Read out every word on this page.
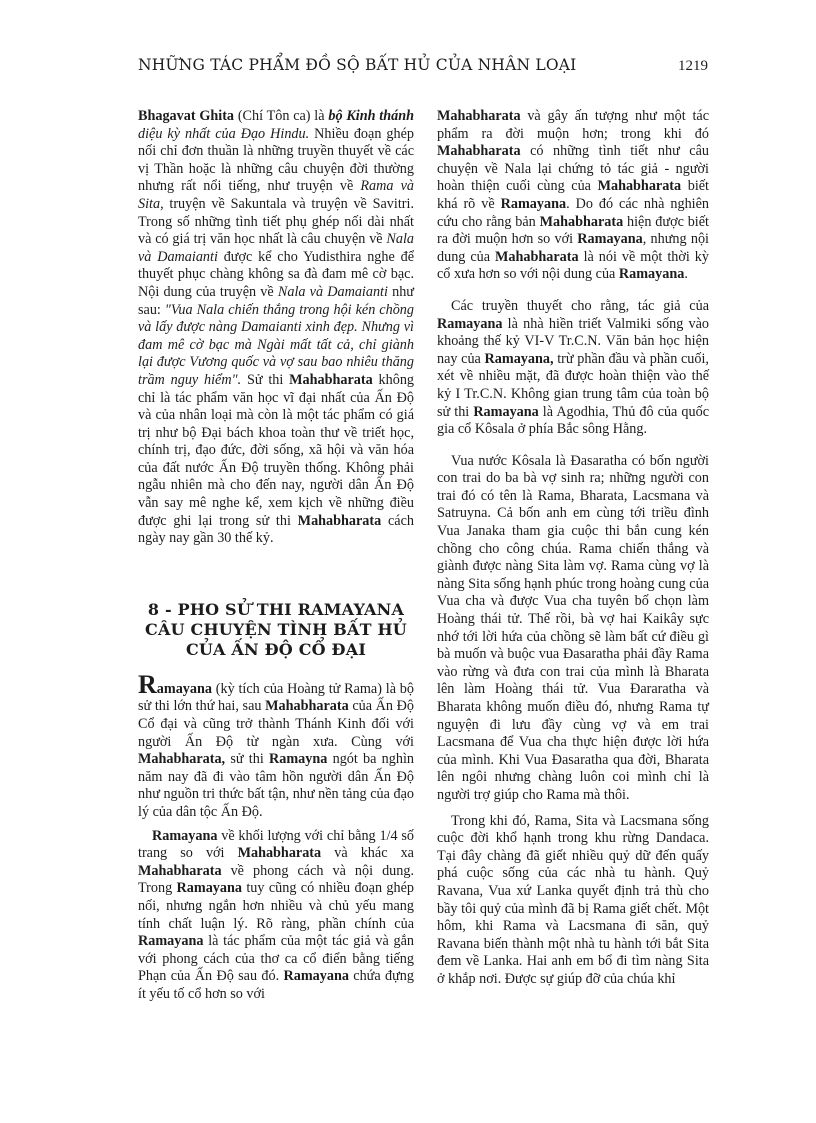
NHỮNG TÁC PHẨM ĐỒ SỘ BẤT HỦ CỦA NHÂN LOẠI	1219

Bhagavat Ghita (Chí Tôn ca) là bộ Kinh thánh diệu kỳ nhất của Đạo Hindu. Nhiều đoạn ghép nối chỉ đơn thuần là những truyền thuyết về các vị Thần hoặc là những câu chuyện đời thường nhưng rất nổi tiếng, như truyện về Rama và Sita, truyện về Sakuntala và truyện về Savitri. Trong số những tình tiết phụ ghép nối dài nhất và có giá trị văn học nhất là câu chuyện về Nala và Damaianti được kể cho Yudisthira nghe để thuyết phục chàng không sa đà đam mê cờ bạc. Nội dung của truyện về Nala và Damaianti như sau: "Vua Nala chiến thắng trong hội kén chồng và lấy được nàng Damaianti xinh đẹp. Nhưng vì đam mê cờ bạc mà Ngài mất tất cả, chỉ giành lại được Vương quốc và vợ sau bao nhiêu thăng trầm nguy hiểm". Sử thi Mahabharata không chỉ là tác phẩm văn học vĩ đại nhất của Ấn Độ và của nhân loại mà còn là một tác phẩm có giá trị như bộ Đại bách khoa toàn thư về triết học, chính trị, đạo đức, đời sống, xã hội và văn hóa của đất nước Ấn Độ truyền thống. Không phải ngẫu nhiên mà cho đến nay, người dân Ấn Độ vẫn say mê nghe kể, xem kịch về những điều được ghi lại trong sử thi Mahabharata cách ngày nay gần 30 thế kỷ.

8 - PHO SỬ THI RAMAYANA
CÂU CHUYỆN TÌNH BẤT HỦ
CỦA ẤN ĐỘ CỔ ĐẠI

Ramayana (kỳ tích của Hoàng tử Rama) là bộ sử thi lớn thứ hai, sau Mahabharata của Ấn Độ Cổ đại và cũng trở thành Thánh Kinh đối với người Ấn Độ từ ngàn xưa. Cùng với Mahabharata, sử thi Ramayna ngót ba nghìn năm nay đã đi vào tâm hồn người dân Ấn Độ như nguồn tri thức bất tận, như nền tảng của đạo lý của dân tộc Ấn Độ.

Ramayana về khối lượng với chỉ bằng 1/4 số trang so với Mahabharata và khác xa Mahabharata về phong cách và nội dung. Trong Ramayana tuy cũng có nhiều đoạn ghép nối, nhưng ngắn hơn nhiều và chủ yếu mang tính chất luận lý. Rõ ràng, phần chính của Ramayana là tác phẩm của một tác giả và gắn với phong cách của thơ ca cổ điển bằng tiếng Phạn của Ấn Độ sau đó. Ramayana chứa đựng ít yếu tố cổ hơn so với

Mahabharata và gây ấn tượng như một tác phẩm ra đời muộn hơn; trong khi đó Mahabharata có những tình tiết như câu chuyện về Nala lại chứng tỏ tác giả - người hoàn thiện cuối cùng của Mahabharata biết khá rõ về Ramayana. Do đó các nhà nghiên cứu cho rằng bản Mahabharata hiện được biết ra đời muộn hơn so với Ramayana, nhưng nội dung của Mahabharata là nói về một thời kỳ cổ xưa hơn so với nội dung của Ramayana.

Các truyền thuyết cho rằng, tác giả của Ramayana là nhà hiền triết Valmiki sống vào khoảng thế kỷ VI-V Tr.C.N. Văn bản học hiện nay của Ramayana, trừ phần đầu và phần cuối, xét về nhiều mặt, đã được hoàn thiện vào thế kỷ I Tr.C.N. Không gian trung tâm của toàn bộ sử thi Ramayana là Agodhia, Thủ đô của quốc gia cổ Kôsala ở phía Bắc sông Hằng.

Vua nước Kôsala là Đasaratha có bốn người con trai do ba bà vợ sinh ra; những người con trai đó có tên là Rama, Bharata, Lacsmana và Satruyna. Cả bốn anh em cùng tới triều đình Vua Janaka tham gia cuộc thi bắn cung kén chồng cho công chúa. Rama chiến thắng và giành được nàng Sita làm vợ. Rama cùng vợ là nàng Sita sống hạnh phúc trong hoàng cung của Vua cha và được Vua cha tuyên bố chọn làm Hoàng thái tử. Thế rồi, bà vợ hai Kaikây sực nhớ tới lời hứa của chồng sẽ làm bất cứ điều gì bà muốn và buộc vua Đasaratha phải đầy Rama vào rừng và đưa con trai của mình là Bharata lên làm Hoàng thái tử. Vua Đararatha và Bharata không muốn điều đó, nhưng Rama tự nguyện đi lưu đầy cùng vợ và em trai Lacsmana để Vua cha thực hiện được lời hứa của mình. Khi Vua Đasaratha qua đời, Bharata lên ngôi nhưng chàng luôn coi mình chỉ là người trợ giúp cho Rama mà thôi.

Trong khi đó, Rama, Sita và Lacsmana sống cuộc đời khổ hạnh trong khu rừng Dandaca. Tại đây chàng đã giết nhiều quỷ dữ đến quấy phá cuộc sống của các nhà tu hành. Quỷ Ravana, Vua xứ Lanka quyết định trả thù cho bầy tôi quỷ của mình đã bị Rama giết chết. Một hôm, khi Rama và Lacsmana đi săn, quỷ Ravana biến thành một nhà tu hành tới bắt Sita đem về Lanka. Hai anh em bổ đi tìm nàng Sita ở khắp nơi. Được sự giúp đỡ của chúa khỉ
